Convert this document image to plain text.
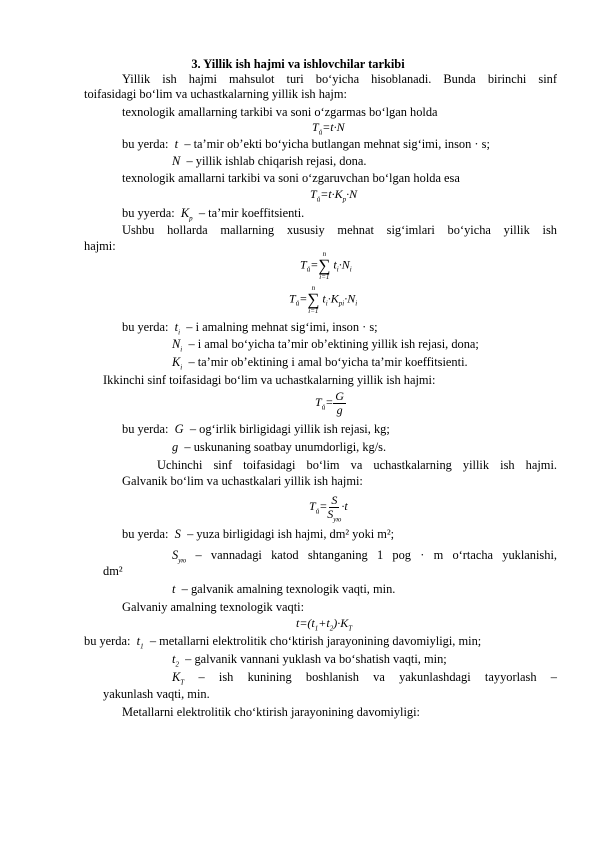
3. Yillik ish hajmi va ishlovchilar tarkibi
Yillik ish hajmi mahsulot turi bo‘yicha hisoblanadi. Bunda birinchi sinf
toifasidagi bo‘lim va uchastkalarning yillik ish hajm:
texnologik amallarning tarkibi va soni o‘zgarmas bo‘lgan holda
$T_ŭ=t\cdot N$
bu yerda:  t  – ta’mir ob’ekti bo‘yicha butlangan mehnat sig‘imi, inson · s;
N  – yillik ishlab chiqarish rejasi, dona.
texnologik amallarni tarkibi va soni o‘zgaruvchan bo‘lgan holda esa
$T_ŭ=t\cdot K_p\cdot N$
bu yyerda:  $K_p$ – ta’mir koeffitsienti.
Ushbu hollarda mallarning xususiy mehnat sig‘imlari bo‘yicha yillik ish
hajmi:
$T_ŭ=$
n
∑
i=1
$t_i\cdot N_i$
$T_ŭ=$
n
∑
i=1
$t_i\cdot K_{pi}\cdot N_i$
bu yerda:  $t_i$ – i amalning mehnat sig‘imi, inson · s;
$N_i$ – i amal bo‘yicha ta’mir ob’ektining yillik ish rejasi, dona;
$K_i$ – ta’mir ob’ektining i amal bo‘yicha ta’mir koeffitsienti.
Ikkinchi sinf toifasidagi bo‘lim va uchastkalarning yillik ish hajmi:
$T_ŭ= \frac{G}{g}$
bu yerda:  G  – og‘irlik birligidagi yillik ish rejasi, kg;
g  – uskunaning soatbay unumdorligi, kg/s.
Uchinchi sinf toifasidagi bo‘lim va uchastkalarning yillik ish hajmi.
Galvanik bo‘lim va uchastkalari yillik ish hajmi:
$T_ŭ= \frac{S}{S_{yю}} \cdot t$
bu yerda:  S  – yuza birligidagi ish hajmi, dm² yoki m²;
$S_{yю}$ – vannadagi katod shtanganing 1 pog · m o‘rtacha yuklanishi,
dm²
t  – galvanik amalning texnologik vaqti, min.
Galvaniy amalning texnologik vaqti:
$t=(t_1+t_2)\cdot K_T$
bu yerda:  $t_1$ – metallarni elektrolitik cho‘ktirish jarayonining davomiyligi, min;
$t_2$ – galvanik vannani yuklash va bo‘shatish vaqti, min;
$K_T$ – ish kunining boshlanish va yakunlashdagi tayyorlash –
yakunlash vaqti, min.
Metallarni elektrolitik cho‘ktirish jarayonining davomiyligi:
